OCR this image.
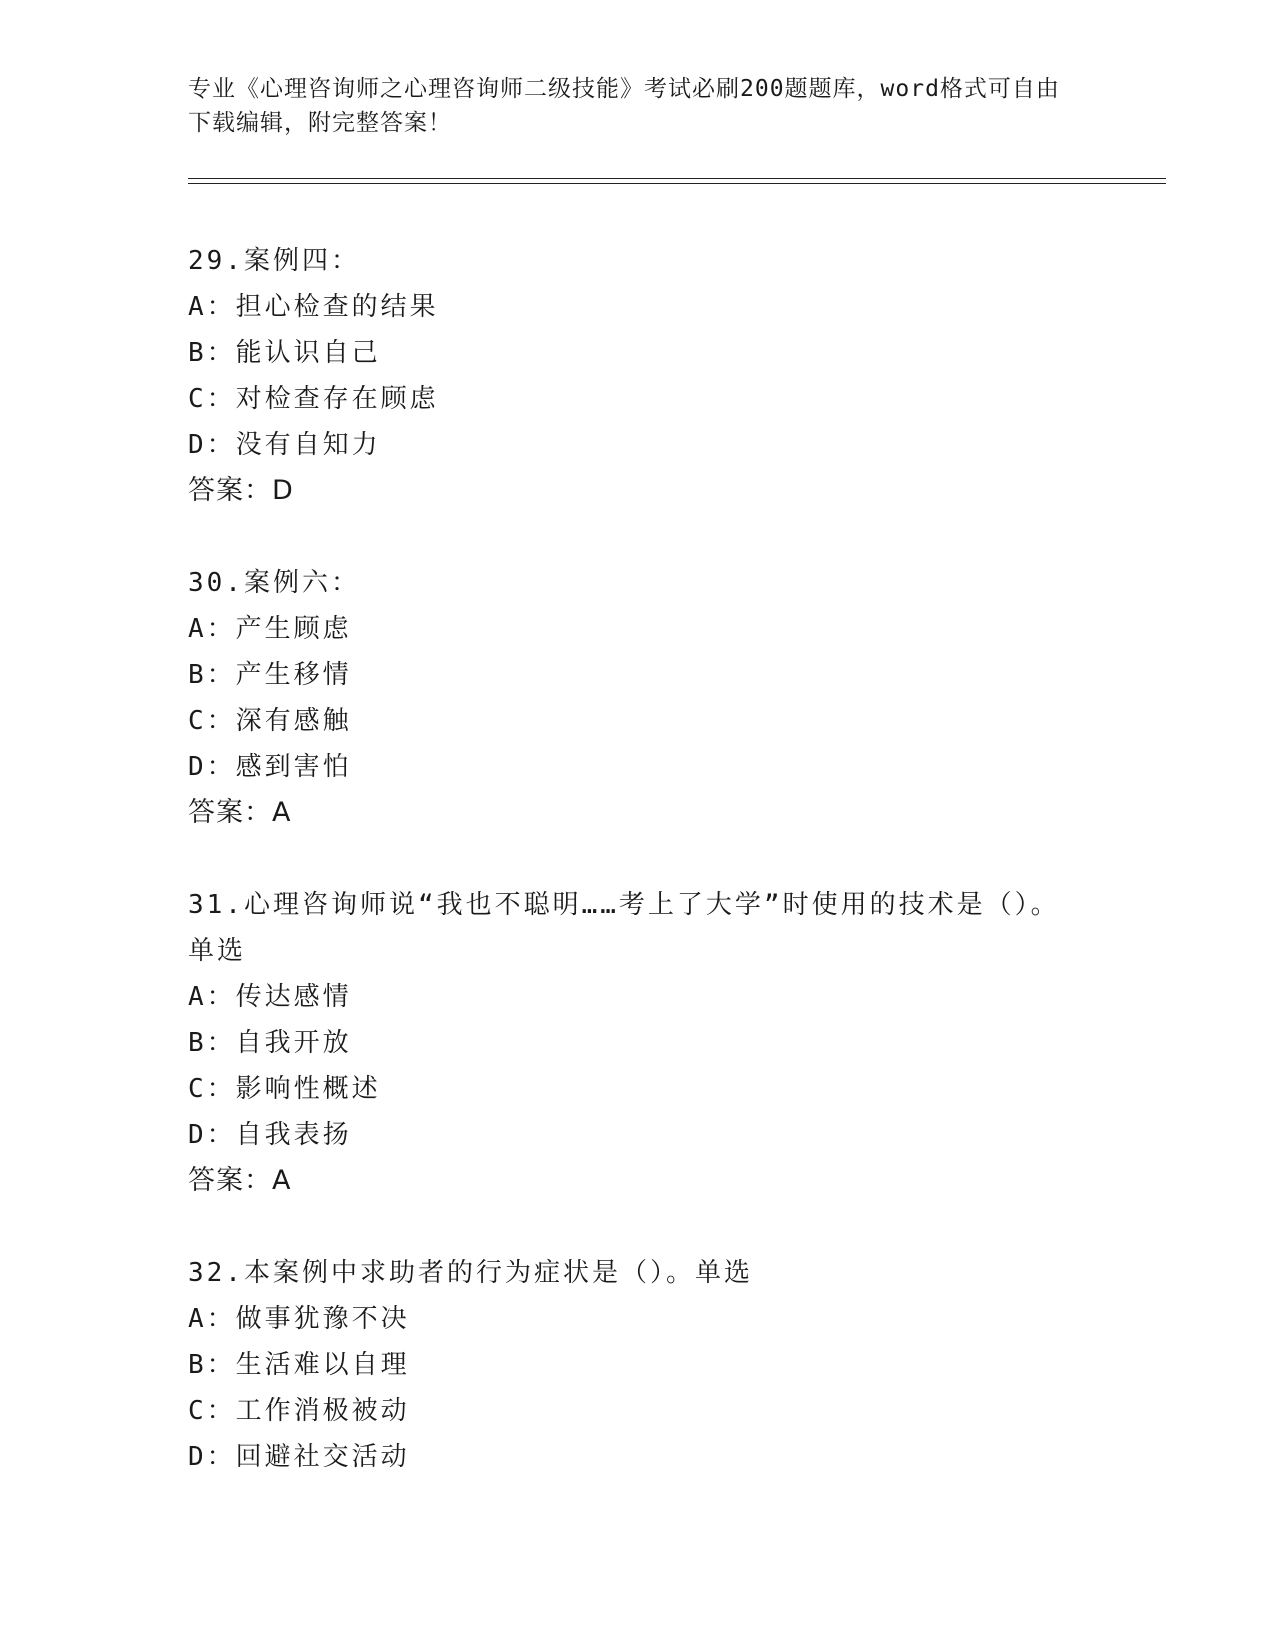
专业《心理咨询师之心理咨询师二级技能》考试必刷200题题库，word格式可自由下载编辑，附完整答案！
29.案例四：
A：担心检查的结果
B：能认识自己
C：对检查存在顾虑
D：没有自知力
答案：D
30.案例六：
A：产生顾虑
B：产生移情
C：深有感触
D：感到害怕
答案：A
31.心理咨询师说“我也不聪明……考上了大学”时使用的技术是（）。单选
A：传达感情
B：自我开放
C：影响性概述
D：自我表扬
答案：A
32.本案例中求助者的行为症状是（）。单选
A：做事犹豫不决
B：生活难以自理
C：工作消极被动
D：回避社交活动
